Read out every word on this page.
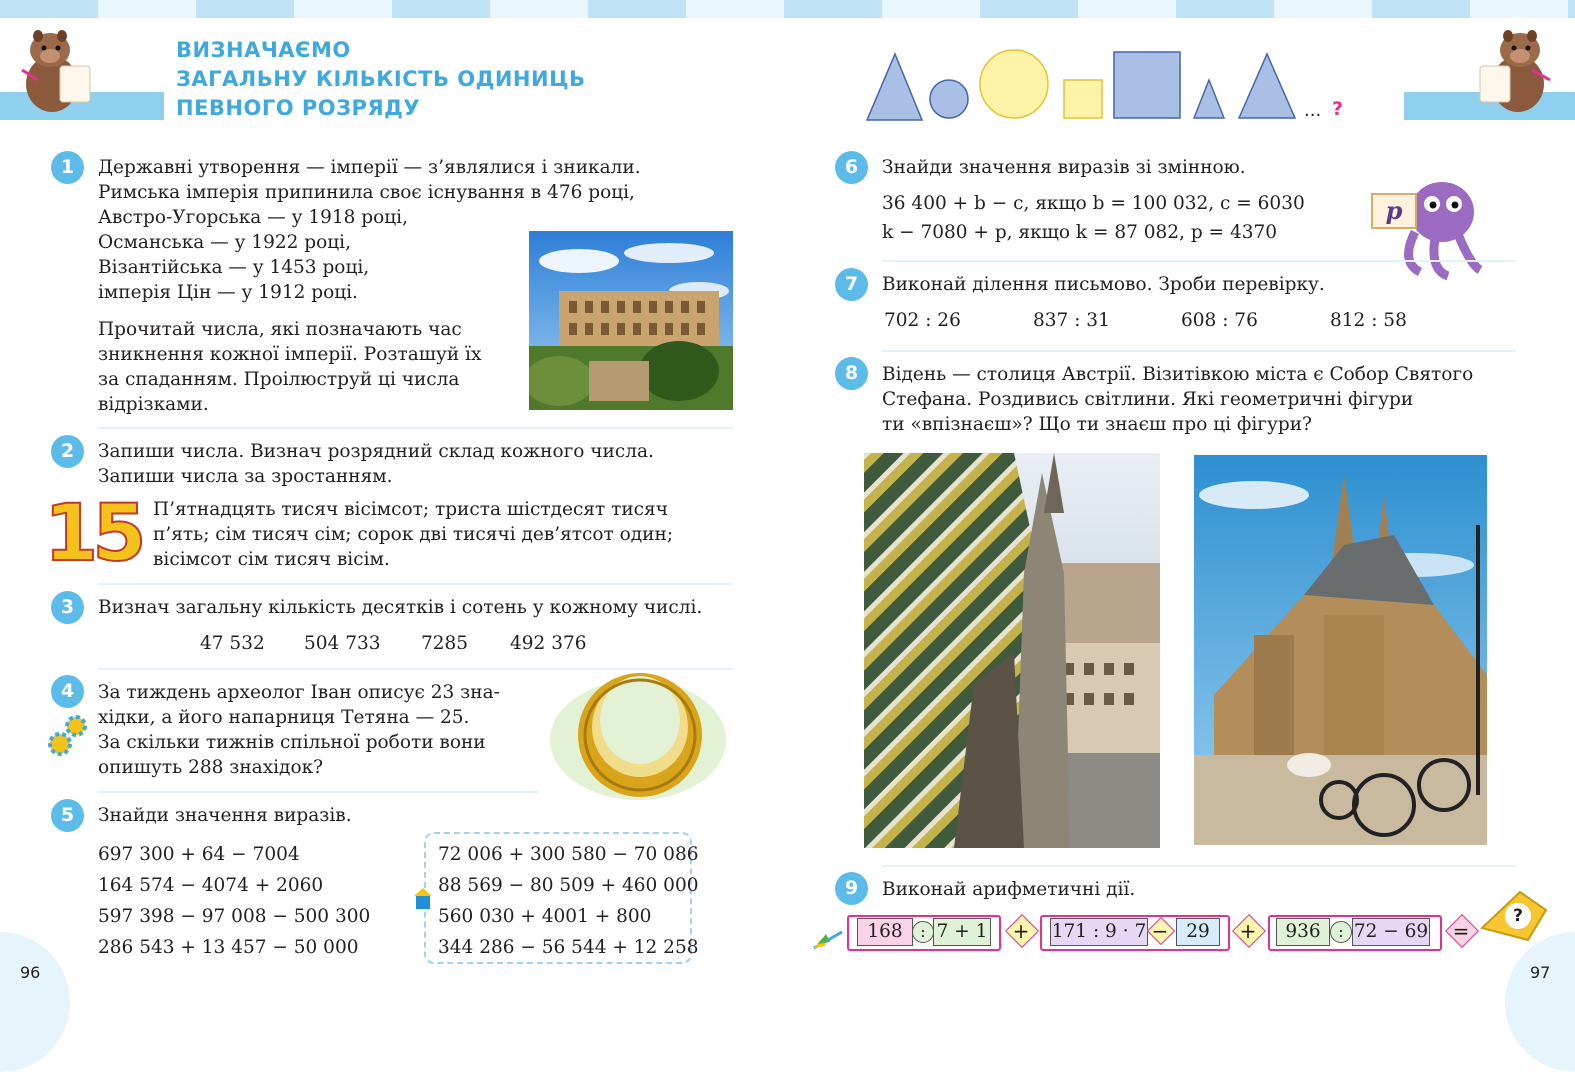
ВИЗНАЧАЄМО
ЗАГАЛЬНУ КІЛЬКІСТЬ ОДИНИЦЬ
ПЕВНОГО РОЗРЯДУ
1	Державні утворення — імперії — з’являлися і зникали.
Римська імперія припинила своє існування в 476 році,
Австро-Угорська — у 1918 році,
Османська — у 1922 році,
Візантійська — у 1453 році,
імперія Цін — у 1912 році.
Прочитай числа, які позначають час
зникнення кожної імперії. Розташуй їх
за спаданням. Проілюструй ці числа
відрізками.
2	Запиши числа. Визнач розрядний склад кожного числа.
Запиши числа за зростанням.
15 П’ятнадцять тисяч вісімсот; триста шістдесят тисяч
п’ять; сім тисяч сім; сорок дві тисячі дев’ятсот один;
вісімсот сім тисяч вісім.
3	Визнач загальну кількість десятків і сотень у кожному числі.
47 532 504 733 7285 492 376
4	За тиждень археолог Іван описує 23 зна-
хідки, а його напарниця Тетяна — 25.
За скільки тижнів спільної роботи вони
опишуть 288 знахідок?
5	Знайди значення виразів.
697 300 + 64 − 7004
164 574 − 4074 + 2060
597 398 − 97 008 − 500 300
286 543 + 13 457 − 50 000
72 006 + 300 580 − 70 086
88 569 − 80 509 + 460 000
560 030 + 4001 + 800
344 286 − 56 544 + 12 258
96
... ?
6	Знайди значення виразів зі змінною.
36 400 + b − c, якщо b = 100 032, c = 6030
k − 7080 + p, якщо k = 87 082, p = 4370
p
7	Виконай ділення письмово. Зроби перевірку.
702 : 26	837 : 31	608 : 76	812 : 58
8	Відень — столиця Австрії. Візитівкою міста є Собор Святого
Стефана. Роздивись світлини. Які геометричні фігури
ти «впізнаєш»? Що ти знаєш про ці фігури?
9	Виконай арифметичні дії.
168	: 7 + 1 + 171 : 9 · 7 − 29	+	936	: 72 − 69 =
?
97
